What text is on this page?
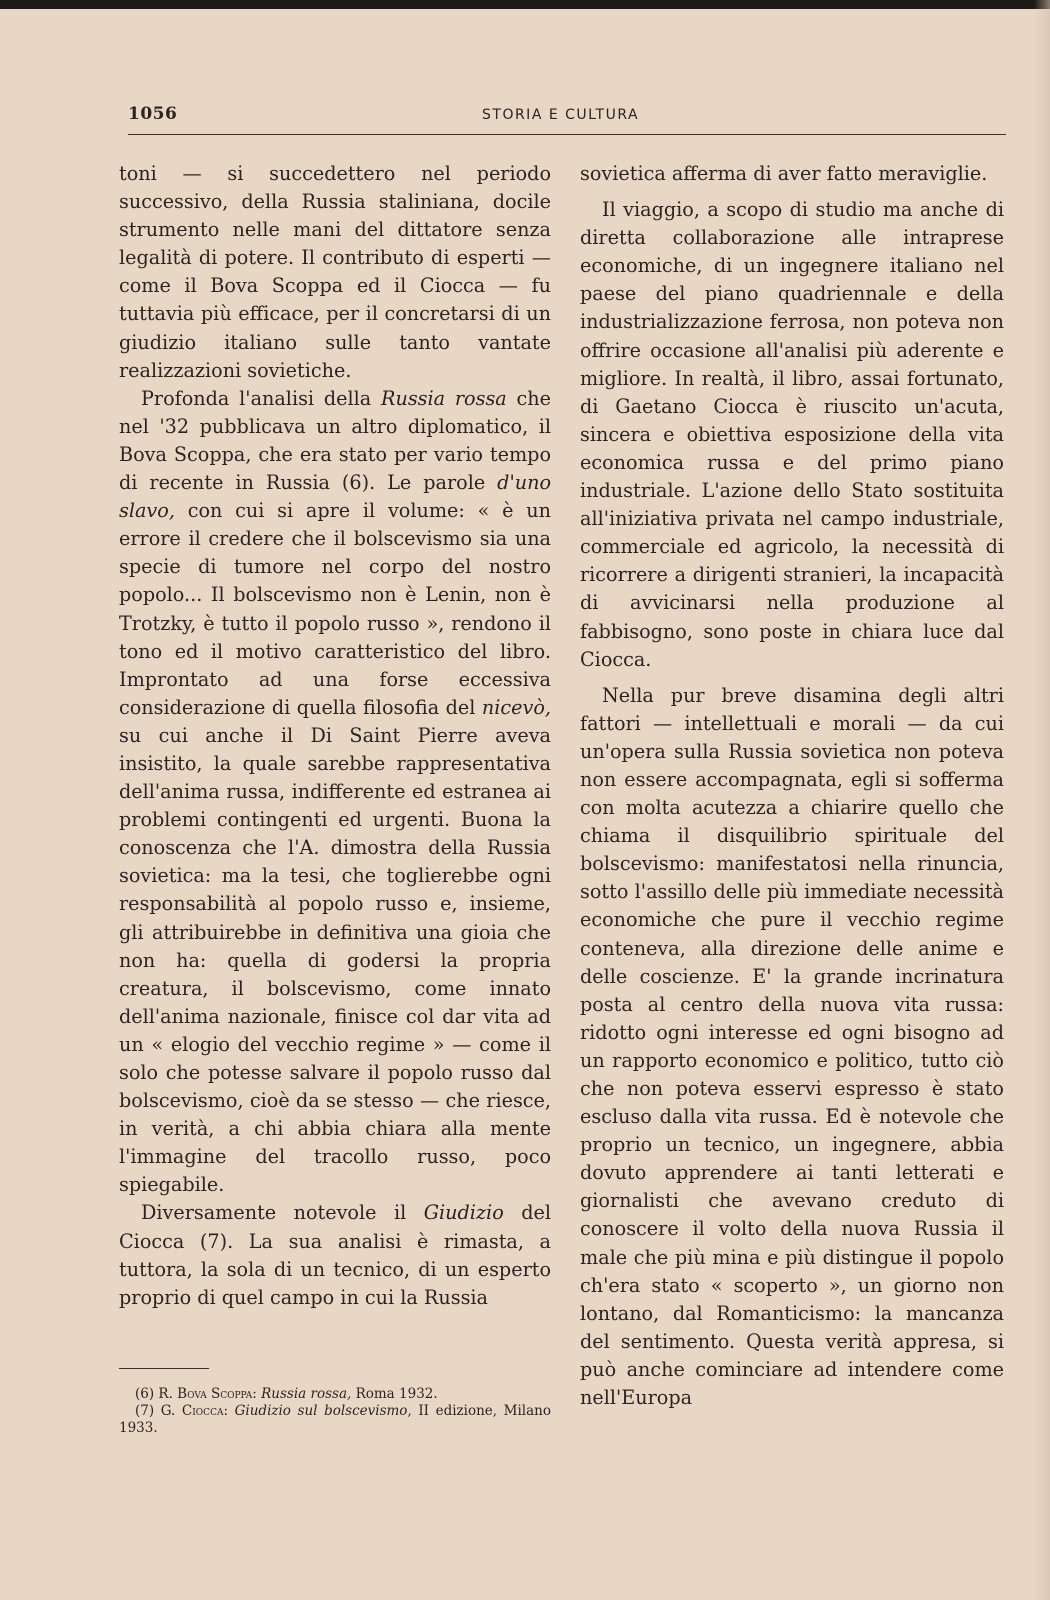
1056	STORIA E CULTURA

toni — si succedettero nel periodo successivo, della Russia staliniana, docile strumento nelle mani del dittatore senza legalità di potere. Il contributo di esperti — come il Bova Scoppa ed il Ciocca — fu tuttavia più efficace, per il concretarsi di un giudizio italiano sulle tanto vantate realizzazioni sovietiche.

Profonda l'analisi della Russia rossa che nel '32 pubblicava un altro diplomatico, il Bova Scoppa, che era stato per vario tempo di recente in Russia (6). Le parole d'uno slavo, con cui si apre il volume: « è un errore il credere che il bolscevismo sia una specie di tumore nel corpo del nostro popolo... Il bolscevismo non è Lenin, non è Trotzky, è tutto il popolo russo », rendono il tono ed il motivo caratteristico del libro. Improntato ad una forse eccessiva considerazione di quella filosofia del nicevò, su cui anche il Di Saint Pierre aveva insistito, la quale sarebbe rappresentativa dell'anima russa, indifferente ed estranea ai problemi contingenti ed urgenti. Buona la conoscenza che l'A. dimostra della Russia sovietica: ma la tesi, che toglierebbe ogni responsabilità al popolo russo e, insieme, gli attribuirebbe in definitiva una gioia che non ha: quella di godersi la propria creatura, il bolscevismo, come innato dell'anima nazionale, finisce col dar vita ad un « elogio del vecchio regime » — come il solo che potesse salvare il popolo russo dal bolscevismo, cioè da se stesso — che riesce, in verità, a chi abbia chiara alla mente l'immagine del tracollo russo, poco spiegabile.

Diversamente notevole il Giudizio del Ciocca (7). La sua analisi è rimasta, a tuttora, la sola di un tecnico, di un esperto proprio di quel campo in cui la Russia

sovietica afferma di aver fatto meraviglie.

Il viaggio, a scopo di studio ma anche di diretta collaborazione alle intraprese economiche, di un ingegnere italiano nel paese del piano quadriennale e della industrializzazione ferrosa, non poteva non offrire occasione all'analisi più aderente e migliore. In realtà, il libro, assai fortunato, di Gaetano Ciocca è riuscito un'acuta, sincera e obiettiva esposizione della vita economica russa e del primo piano industriale. L'azione dello Stato sostituita all'iniziativa privata nel campo industriale, commerciale ed agricolo, la necessità di ricorrere a dirigenti stranieri, la incapacità di avvicinarsi nella produzione al fabbisogno, sono poste in chiara luce dal Ciocca.

Nella pur breve disamina degli altri fattori — intellettuali e morali — da cui un'opera sulla Russia sovietica non poteva non essere accompagnata, egli si sofferma con molta acutezza a chiarire quello che chiama il disquilibrio spirituale del bolscevismo: manifestatosi nella rinuncia, sotto l'assillo delle più immediate necessità economiche che pure il vecchio regime conteneva, alla direzione delle anime e delle coscienze. E' la grande incrinatura posta al centro della nuova vita russa: ridotto ogni interesse ed ogni bisogno ad un rapporto economico e politico, tutto ciò che non poteva esservi espresso è stato escluso dalla vita russa. Ed è notevole che proprio un tecnico, un ingegnere, abbia dovuto apprendere ai tanti letterati e giornalisti che avevano creduto di conoscere il volto della nuova Russia il male che più mina e più distingue il popolo ch'era stato « scoperto », un giorno non lontano, dal Romanticismo: la mancanza del sentimento. Questa verità appresa, si può anche cominciare ad intendere come nell'Europa

(6) R. Bova Scoppa: Russia rossa, Roma 1932.

(7) G. Ciocca: Giudizio sul bolscevismo, II edizione, Milano 1933.
